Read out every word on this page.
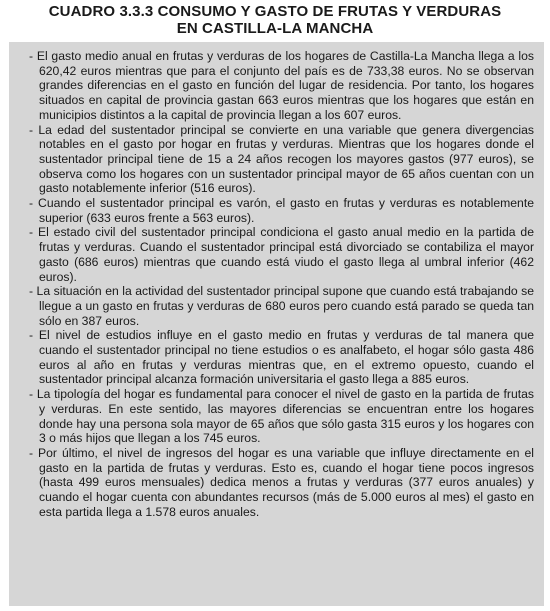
CUADRO 3.3.3 CONSUMO Y GASTO DE FRUTAS Y VERDURAS
EN CASTILLA-LA MANCHA

- El gasto medio anual en frutas y verduras de los hogares de Castilla-La Mancha llega a los 620,42 euros mientras que para el conjunto del país es de 733,38 euros. No se observan grandes diferencias en el gasto en función del lugar de residencia. Por tanto, los hogares situados en capital de provincia gastan 663 euros mientras que los hogares que están en municipios distintos a la capital de provincia llegan a los 607 euros.

- La edad del sustentador principal se convierte en una variable que genera divergencias notables en el gasto por hogar en frutas y verduras. Mientras que los hogares donde el sustentador principal tiene de 15 a 24 años recogen los mayores gastos (977 euros), se observa como los hogares con un sustentador principal mayor de 65 años cuentan con un gasto notablemente inferior (516 euros).

- Cuando el sustentador principal es varón, el gasto en frutas y verduras es notablemente superior (633 euros frente a 563 euros).

- El estado civil del sustentador principal condiciona el gasto anual medio en la partida de frutas y verduras. Cuando el sustentador principal está divorciado se contabiliza el mayor gasto (686 euros) mientras que cuando está viudo el gasto llega al umbral inferior (462 euros).

- La situación en la actividad del sustentador principal supone que cuando está trabajando se llegue a un gasto en frutas y verduras de 680 euros pero cuando está parado se queda tan sólo en 387 euros.

- El nivel de estudios influye en el gasto medio en frutas y verduras de tal manera que cuando el sustentador principal no tiene estudios o es analfabeto, el hogar sólo gasta 486 euros al año en frutas y verduras mientras que, en el extremo opuesto, cuando el sustentador principal alcanza formación universitaria el gasto llega a 885 euros.

- La tipología del hogar es fundamental para conocer el nivel de gasto en la partida de frutas y verduras. En este sentido, las mayores diferencias se encuentran entre los hogares donde hay una persona sola mayor de 65 años que sólo gasta 315 euros y los hogares con 3 o más hijos que llegan a los 745 euros.

- Por último, el nivel de ingresos del hogar es una variable que influye directamente en el gasto en la partida de frutas y verduras. Esto es, cuando el hogar tiene pocos ingresos (hasta 499 euros mensuales) dedica menos a frutas y verduras (377 euros anuales) y cuando el hogar cuenta con abundantes recursos (más de 5.000 euros al mes) el gasto en esta partida llega a 1.578 euros anuales.
